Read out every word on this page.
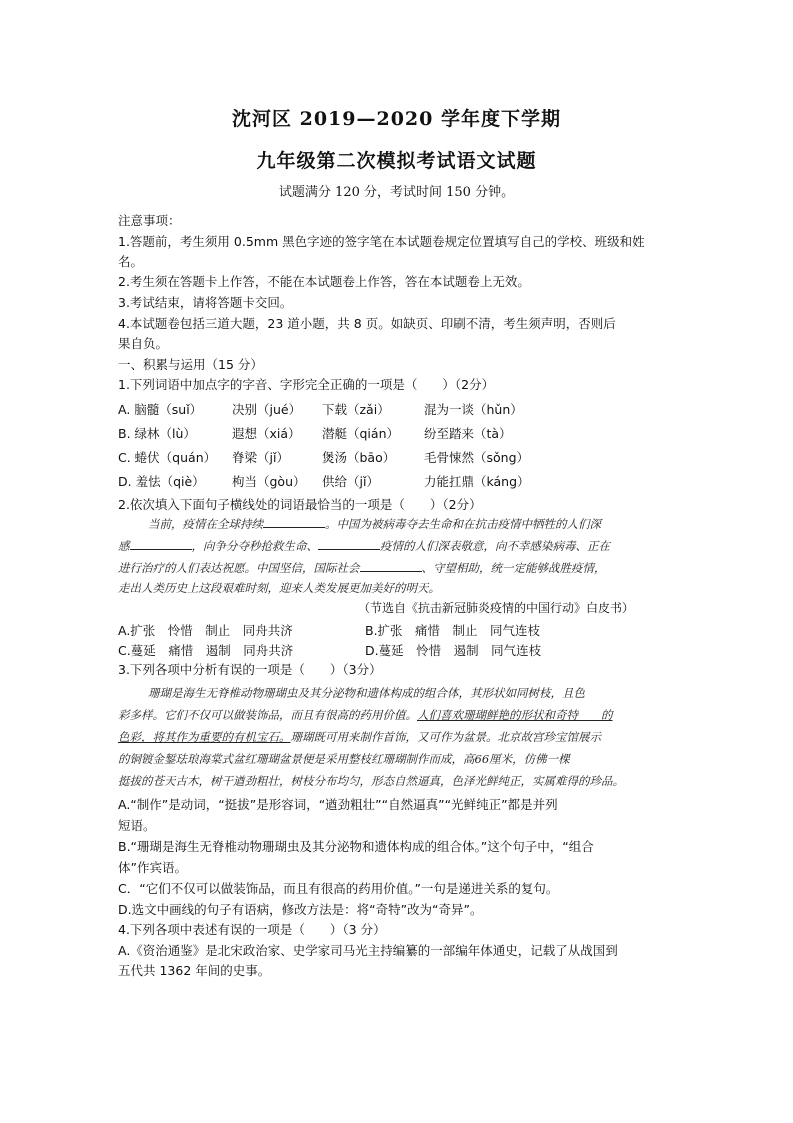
沈河区 2019—2020 学年度下学期
九年级第二次模拟考试语文试题
试题满分 120 分，考试时间 150 分钟。
注意事项：
1.答题前，考生须用 0.5mm 黑色字迹的签字笔在本试题卷规定位置填写自己的学校、班级和姓
名。
2.考生须在答题卡上作答，不能在本试题卷上作答，答在本试题卷上无效。
3.考试结束，请将答题卡交回。
4.本试题卷包括三道大题，23 道小题，共 8 页。如缺页、印刷不清，考生须声明，否则后
果自负。
一、积累与运用（15 分）
1.下列词语中加点字的字音、字形完全正确的一项是（　　）（2分）
A. 脑髓（suǐ） 决别（jué） 下载（zǎi）	混为一谈（hǔn）
B. 绿林（lù）	遐想（xiá） 潜艇（qián） 纷至踏来（tà）
C. 蜷伏（quán） 脊梁（jǐ）	煲汤（bāo） 毛骨悚然（sǒng）
D. 羞怯（qiè） 枸当（gòu） 供给（jǐ）	力能扛鼎（káng）
2.依次填入下面句子横线处的词语最恰当的一项是（　　）（2分）
当前，疫情在全球持续	。中国为被病毒夺去生命和在抗击疫情中牺牲的人们深
感	，向争分夺秒抢救生命、	疫情的人们深表敬意，向不幸感染病毒、正在
进行治疗的人们表达祝愿。中国坚信，国际社会	、守望相助，统一定能够战胜疫情，
走出人类历史上这段艰难时刻，迎来人类发展更加美好的明天。
（节选自《抗击新冠肺炎疫情的中国行动》白皮书）
A.扩张　怜惜　制止　同舟共济	B.扩张　痛惜　制止　同气连枝
C.蔓延　痛惜　遏制　同舟共济	D.蔓延　怜惜　遏制　同气连枝
3.下列各项中分析有误的一项是（　　）（3分）
珊瑚是海生无脊椎动物珊瑚虫及其分泌物和遗体构成的组合体，其形状如同树枝，且色
彩多样。它们不仅可以做装饰品，而且有很高的药用价值。人们喜欢珊瑚鲜艳的形状和奇特　　的
色彩，将其作为重要的有机宝石。珊瑚既可用来制作首饰，又可作为盆景。北京故宫珍宝馆展示
的铜镀金錾珐琅海棠式盆红珊瑚盆景便是采用整枝红珊瑚制作而成，高66厘米，仿佛一棵
挺拔的苍天古木，树干遒劲粗壮，树枝分布均匀，形态自然逼真，色泽光鲜纯正，实属难得的珍品。
A.“制作”是动词，“挺拔”是形容词，“遒劲粗壮”“自然逼真”“光鲜纯正”都是并列
短语。
B.“珊瑚是海生无脊椎动物珊瑚虫及其分泌物和遗体构成的组合体。”这个句子中，“组合
体”作宾语。
C．“它们不仅可以做装饰品，而且有很高的药用价值。”一句是递进关系的复句。
D.选文中画线的句子有语病，修改方法是：将“奇特”改为“奇异”。
4.下列各项中表述有误的一项是（　　）（3 分）
A.《资治通鉴》是北宋政治家、史学家司马光主持编纂的一部编年体通史，记载了从战国到
五代共 1362 年间的史事。
